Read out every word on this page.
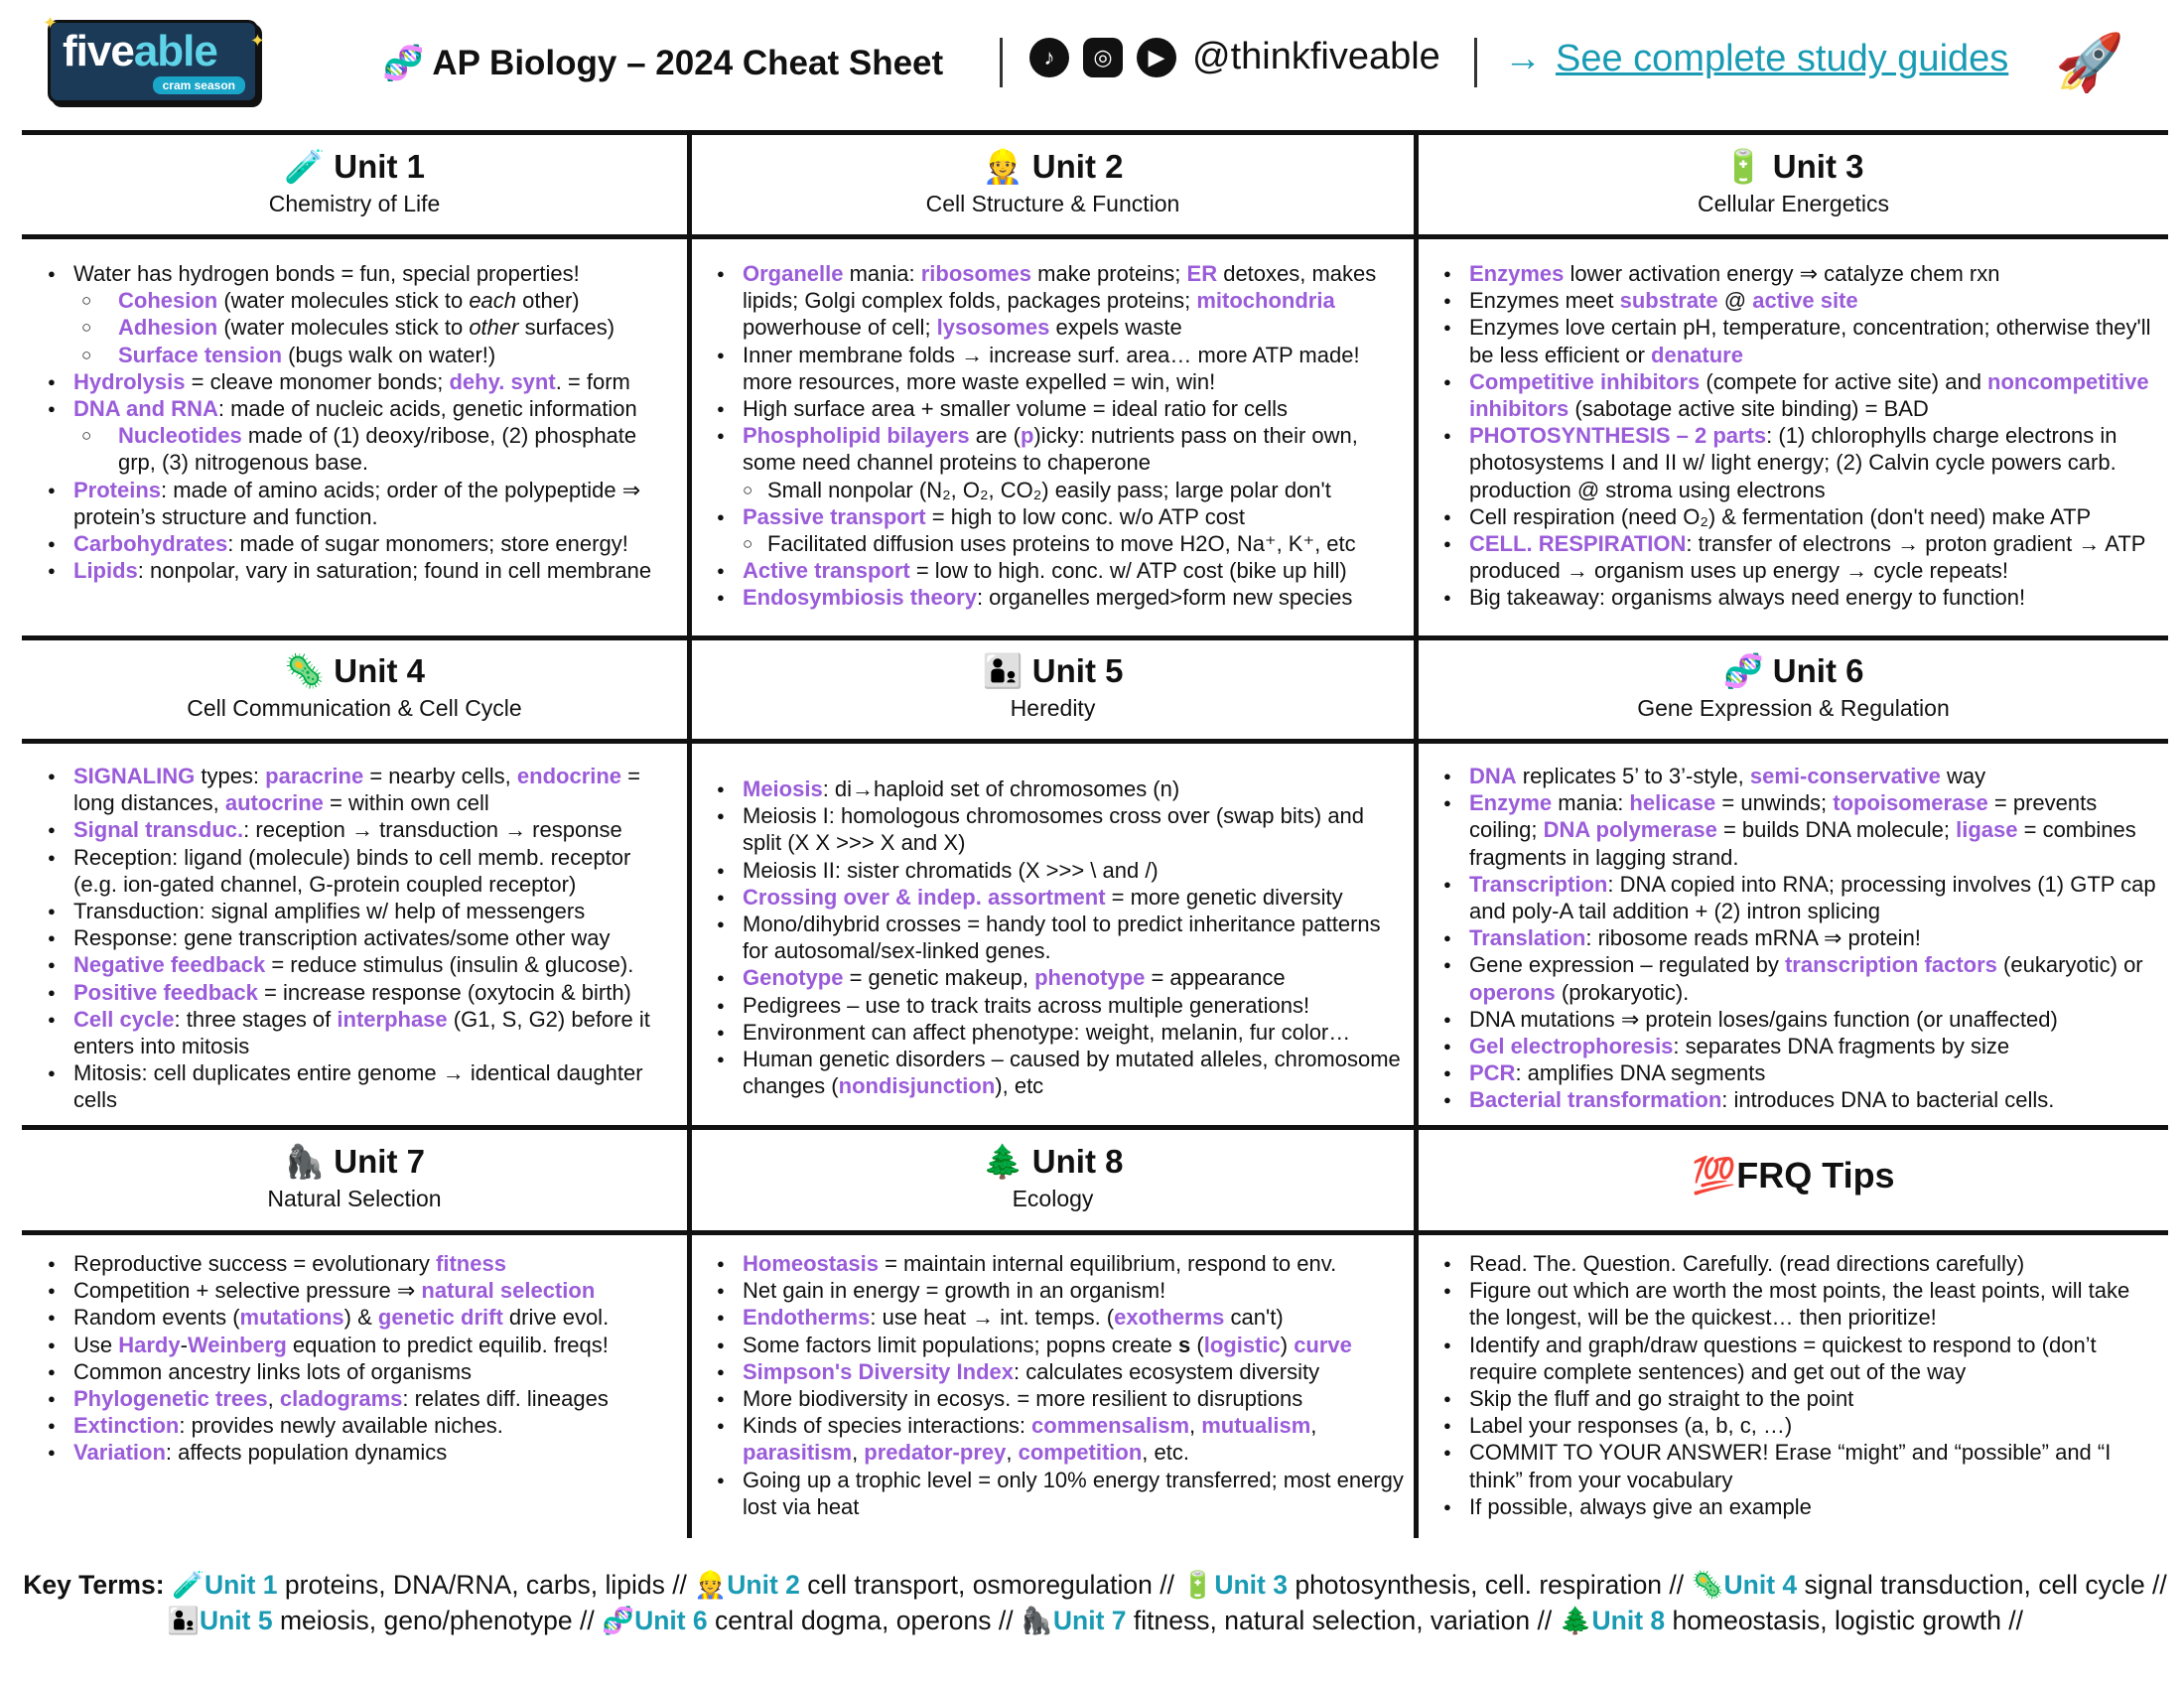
✦
✦
fiveable
cram season
🧬 AP Biology – 2024 Cheat Sheet	♪	◎	▶ @thinkfiveable → See complete study guides 🚀
🧪 Unit 1
Chemistry of Life
👷 Unit 2
Cell Structure & Function
🔋 Unit 3
Cellular Energetics
● Water has hydrogen bonds = fun, special properties!
○ Cohesion (water molecules stick to each other)
○ Adhesion (water molecules stick to other surfaces)
○ Surface tension (bugs walk on water!)
● Hydrolysis = cleave monomer bonds; dehy. synt. = form
● DNA and RNA: made of nucleic acids, genetic information
○ Nucleotides made of (1) deoxy/ribose, (2) phosphate grp, (3) nitrogenous base.
● Proteins: made of amino acids; order of the polypeptide ⇒ protein’s structure and function.
● Carbohydrates: made of sugar monomers; store energy!
● Lipids: nonpolar, vary in saturation; found in cell membrane
● Organelle mania: ribosomes make proteins; ER detoxes, makes lipids; Golgi complex folds, packages proteins; mitochondria powerhouse of cell; lysosomes expels waste
● Inner membrane folds → increase surf. area… more ATP made! more resources, more waste expelled = win, win!
● High surface area + smaller volume = ideal ratio for cells
● Phospholipid bilayers are (p)icky: nutrients pass on their own, some need channel proteins to chaperone
○ Small nonpolar (N₂, O₂, CO₂) easily pass; large polar don't
● Passive transport = high to low conc. w/o ATP cost
○ Facilitated diffusion uses proteins to move H2O, Na⁺, K⁺, etc
● Active transport = low to high. conc. w/ ATP cost (bike up hill)
● Endosymbiosis theory: organelles merged>form new species
● Enzymes lower activation energy ⇒ catalyze chem rxn
● Enzymes meet substrate @ active site
● Enzymes love certain pH, temperature, concentration; otherwise they'll be less efficient or denature
● Competitive inhibitors (compete for active site) and noncompetitive inhibitors (sabotage active site binding) = BAD
● PHOTOSYNTHESIS – 2 parts: (1) chlorophylls charge electrons in photosystems I and II w/ light energy; (2) Calvin cycle powers carb. production @ stroma using electrons
● Cell respiration (need O₂) & fermentation (don't need) make ATP
● CELL. RESPIRATION: transfer of electrons → proton gradient → ATP produced → organism uses up energy → cycle repeats!
● Big takeaway: organisms always need energy to function!
🦠 Unit 4
Cell Communication & Cell Cycle
👨‍👦 Unit 5
Heredity
🧬 Unit 6
Gene Expression & Regulation
● SIGNALING types: paracrine = nearby cells, endocrine = long distances, autocrine = within own cell
● Signal transduc.: reception → transduction → response
● Reception: ligand (molecule) binds to cell memb. receptor (e.g. ion-gated channel, G-protein coupled receptor)
● Transduction: signal amplifies w/ help of messengers
● Response: gene transcription activates/some other way
● Negative feedback = reduce stimulus (insulin & glucose).
● Positive feedback = increase response (oxytocin & birth)
● Cell cycle: three stages of interphase (G1, S, G2) before it enters into mitosis
● Mitosis: cell duplicates entire genome → identical daughter cells
● Meiosis: di→haploid set of chromosomes (n)
● Meiosis I: homologous chromosomes cross over (swap bits) and split (X X >>> X and X)
● Meiosis II: sister chromatids (X >>> \ and /)
● Crossing over & indep. assortment = more genetic diversity
● Mono/dihybrid crosses = handy tool to predict inheritance patterns for autosomal/sex-linked genes.
● Genotype = genetic makeup, phenotype = appearance
● Pedigrees – use to track traits across multiple generations!
● Environment can affect phenotype: weight, melanin, fur color…
● Human genetic disorders – caused by mutated alleles, chromosome changes (nondisjunction), etc
● DNA replicates 5’ to 3’-style, semi-conservative way
● Enzyme mania: helicase = unwinds; topoisomerase = prevents coiling; DNA polymerase = builds DNA molecule; ligase = combines fragments in lagging strand.
● Transcription: DNA copied into RNA; processing involves (1) GTP cap and poly-A tail addition + (2) intron splicing
● Translation: ribosome reads mRNA ⇒ protein!
● Gene expression – regulated by transcription factors (eukaryotic) or operons (prokaryotic).
● DNA mutations ⇒ protein loses/gains function (or unaffected)
● Gel electrophoresis: separates DNA fragments by size
● PCR: amplifies DNA segments
● Bacterial transformation: introduces DNA to bacterial cells.
🦍 Unit 7
Natural Selection
🌲 Unit 8
Ecology
💯FRQ Tips
● Reproductive success = evolutionary fitness
● Competition + selective pressure ⇒ natural selection
● Random events (mutations) & genetic drift drive evol.
● Use Hardy-Weinberg equation to predict equilib. freqs!
● Common ancestry links lots of organisms
● Phylogenetic trees, cladograms: relates diff. lineages
● Extinction: provides newly available niches.
● Variation: affects population dynamics
● Homeostasis = maintain internal equilibrium, respond to env.
● Net gain in energy = growth in an organism!
● Endotherms: use heat → int. temps. (exotherms can't)
● Some factors limit populations; popns create s (logistic) curve
● Simpson's Diversity Index: calculates ecosystem diversity
● More biodiversity in ecosys. = more resilient to disruptions
● Kinds of species interactions: commensalism, mutualism, parasitism, predator-prey, competition, etc.
● Going up a trophic level = only 10% energy transferred; most energy lost via heat
● Read. The. Question. Carefully. (read directions carefully)
● Figure out which are worth the most points, the least points, will take the longest, will be the quickest… then prioritize!
● Identify and graph/draw questions = quickest to respond to (don’t require complete sentences) and get out of the way
● Skip the fluff and go straight to the point
● Label your responses (a, b, c, …)
● COMMIT TO YOUR ANSWER! Erase “might” and “possible” and “I think” from your vocabulary
● If possible, always give an example
Key Terms: 🧪Unit 1 proteins, DNA/RNA, carbs, lipids // 👷Unit 2 cell transport, osmoregulation // 🔋Unit 3 photosynthesis, cell. respiration // 🦠Unit 4 signal transduction, cell cycle // 👨‍👦Unit 5 meiosis, geno/phenotype // 🧬Unit 6 central dogma, operons // 🦍Unit 7 fitness, natural selection, variation // 🌲Unit 8 homeostasis, logistic growth //
